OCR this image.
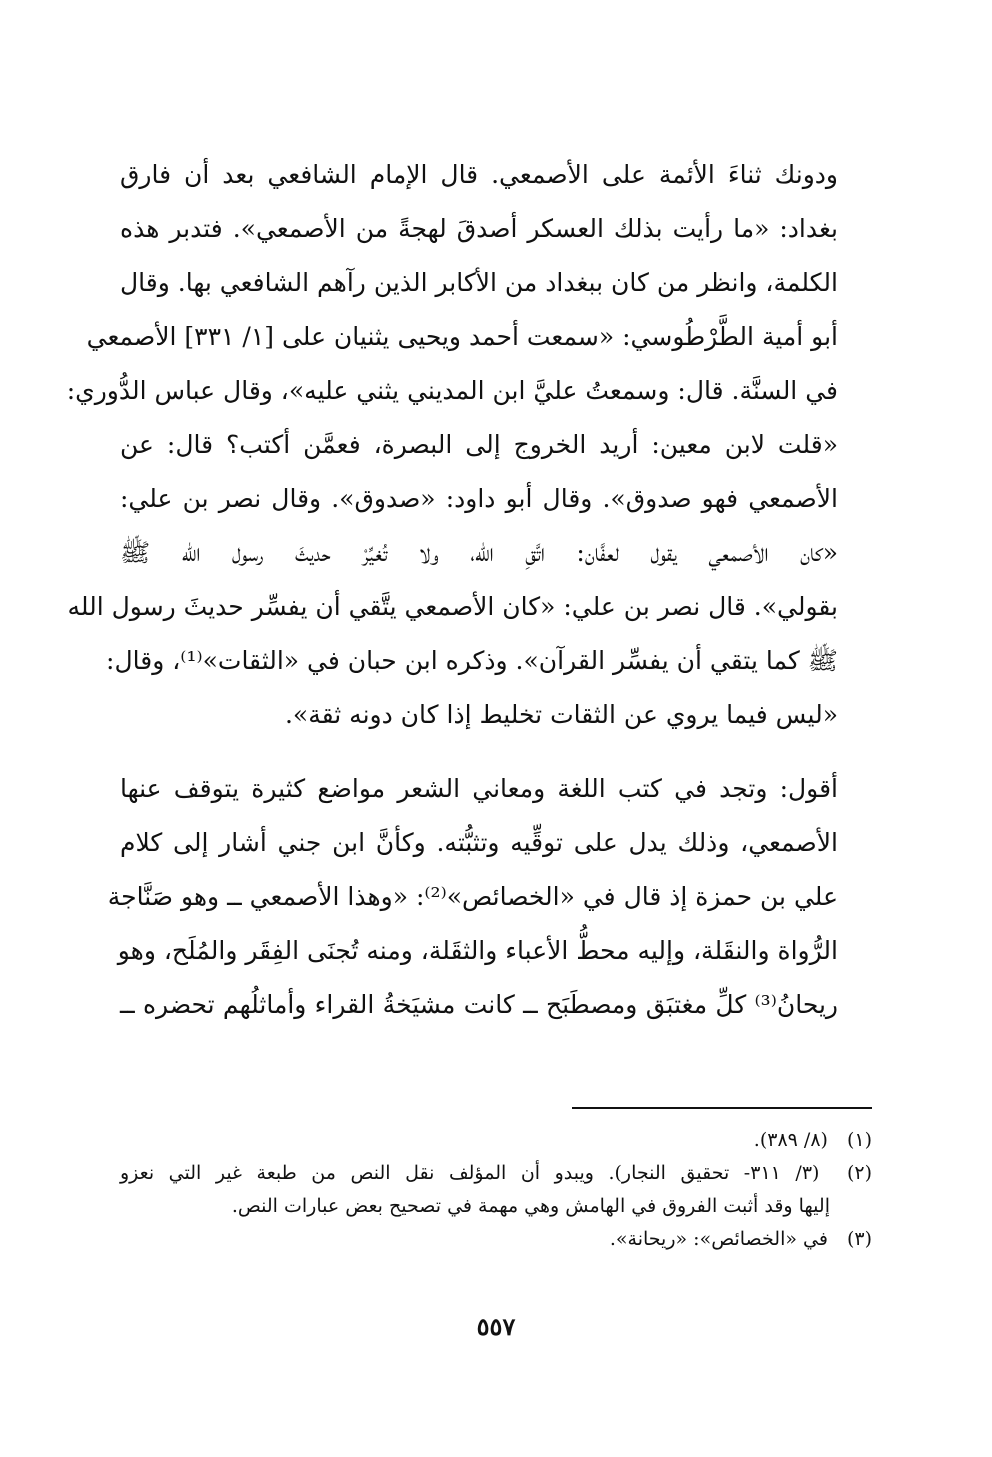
ودونك ثناءَ الأئمة على الأصمعي. قال الإمام الشافعي بعد أن فارق
بغداد: «ما رأيت بذلك العسكر أصدقَ لهجةً من الأصمعي». فتدبر هذه
الكلمة، وانظر من كان ببغداد من الأكابر الذين رآهم الشافعي بها. وقال
أبو أمية الطَّرْطُوسي: «سمعت أحمد ويحيى يثنيان على [١/ ٣٣١] الأصمعي
في السنَّة. قال: وسمعتُ عليَّ ابن المديني يثني عليه»، وقال عباس الدُّوري:
«قلت لابن معين: أريد الخروج إلى البصرة، فعمَّن أكتب؟ قال: عن
الأصمعي فهو صدوق». وقال أبو داود: «صدوق». وقال نصر بن علي:
«كان الأصمعي يقول لعفَّان: اتَّقِ الله، ولا تُغيِّرْ حديثَ رسول الله ﷺ
بقولي». قال نصر بن علي: «كان الأصمعي يتَّقي أن يفسِّر حديثَ رسول الله
ﷺ كما يتقي أن يفسِّر القرآن». وذكره ابن حبان في «الثقات»⁽¹⁾، وقال:
«ليس فيما يروي عن الثقات تخليط إذا كان دونه ثقة».

أقول: وتجد في كتب اللغة ومعاني الشعر مواضع كثيرة يتوقف عنها
الأصمعي، وذلك يدل على توقِّيه وتثبُّته. وكأنَّ ابن جني أشار إلى كلام
علي بن حمزة إذ قال في «الخصائص»⁽²⁾: «وهذا الأصمعي ــ وهو صَنَّاجة
الرُّواة والنقَلة، وإليه محطُّ الأعباء والثقَلة، ومنه تُجنَى الفِقَر والمُلَح، وهو
ريحانُ⁽³⁾ كلِّ مغتبَق ومصطَبَح ــ كانت مشيَخةُ القراء وأماثلُهم تحضره ــ

(١) (٨/ ٣٨٩).
(٢) (٣/ ٣١١- تحقيق النجار). ويبدو أن المؤلف نقل النص من طبعة غير التي نعزو
إليها وقد أثبت الفروق في الهامش وهي مهمة في تصحيح بعض عبارات النص.
(٣) في «الخصائص»: «ريحانة».
٥٥٧
